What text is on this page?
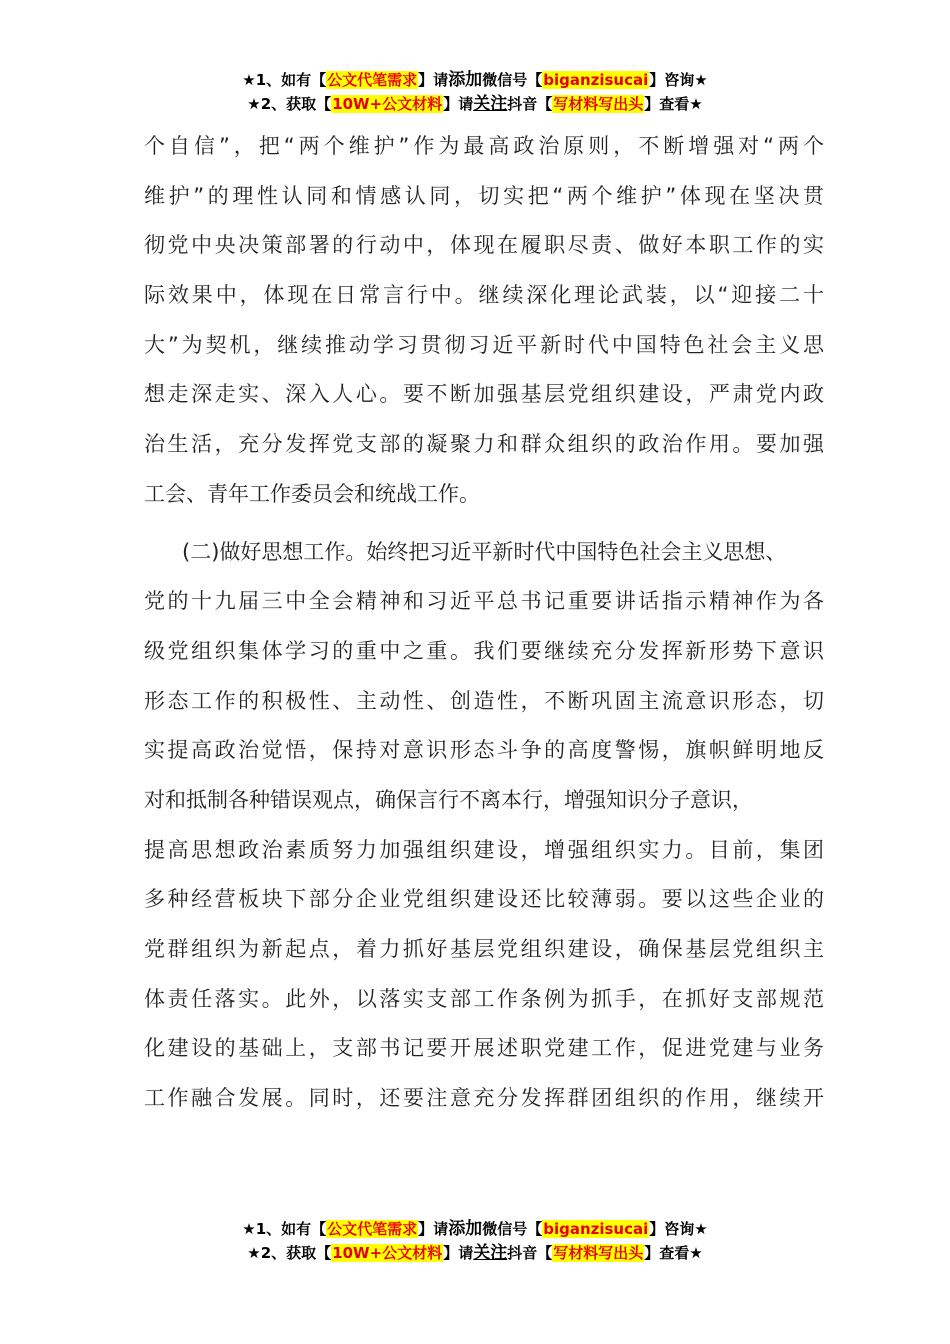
★1、如有【公文代笔需求】请添加微信号【biganzisucai】咨询★
★2、获取【10W+公文材料】请关注抖音【写材料写出头】查看★
个自信”，把“两个维护”作为最高政治原则，不断增强对“两个
维护”的理性认同和情感认同，切实把“两个维护”体现在坚决贯
彻党中央决策部署的行动中，体现在履职尽责、做好本职工作的实
际效果中，体现在日常言行中。继续深化理论武装，以“迎接二十
大”为契机，继续推动学习贯彻习近平新时代中国特色社会主义思
想走深走实、深入人心。要不断加强基层党组织建设，严肃党内政
治生活，充分发挥党支部的凝聚力和群众组织的政治作用。要加强
工会、青年工作委员会和统战工作。
(二)做好思想工作。始终把习近平新时代中国特色社会主义思想、
党的十九届三中全会精神和习近平总书记重要讲话指示精神作为各
级党组织集体学习的重中之重。我们要继续充分发挥新形势下意识
形态工作的积极性、主动性、创造性，不断巩固主流意识形态，切
实提高政治觉悟，保持对意识形态斗争的高度警惕，旗帜鲜明地反
对和抵制各种错误观点，确保言行不离本行，增强知识分子意识，
提高思想政治素质努力加强组织建设，增强组织实力。目前，集团
多种经营板块下部分企业党组织建设还比较薄弱。要以这些企业的
党群组织为新起点，着力抓好基层党组织建设，确保基层党组织主
体责任落实。此外，以落实支部工作条例为抓手，在抓好支部规范
化建设的基础上，支部书记要开展述职党建工作，促进党建与业务
工作融合发展。同时，还要注意充分发挥群团组织的作用，继续开
★1、如有【公文代笔需求】请添加微信号【biganzisucai】咨询★
★2、获取【10W+公文材料】请关注抖音【写材料写出头】查看★
